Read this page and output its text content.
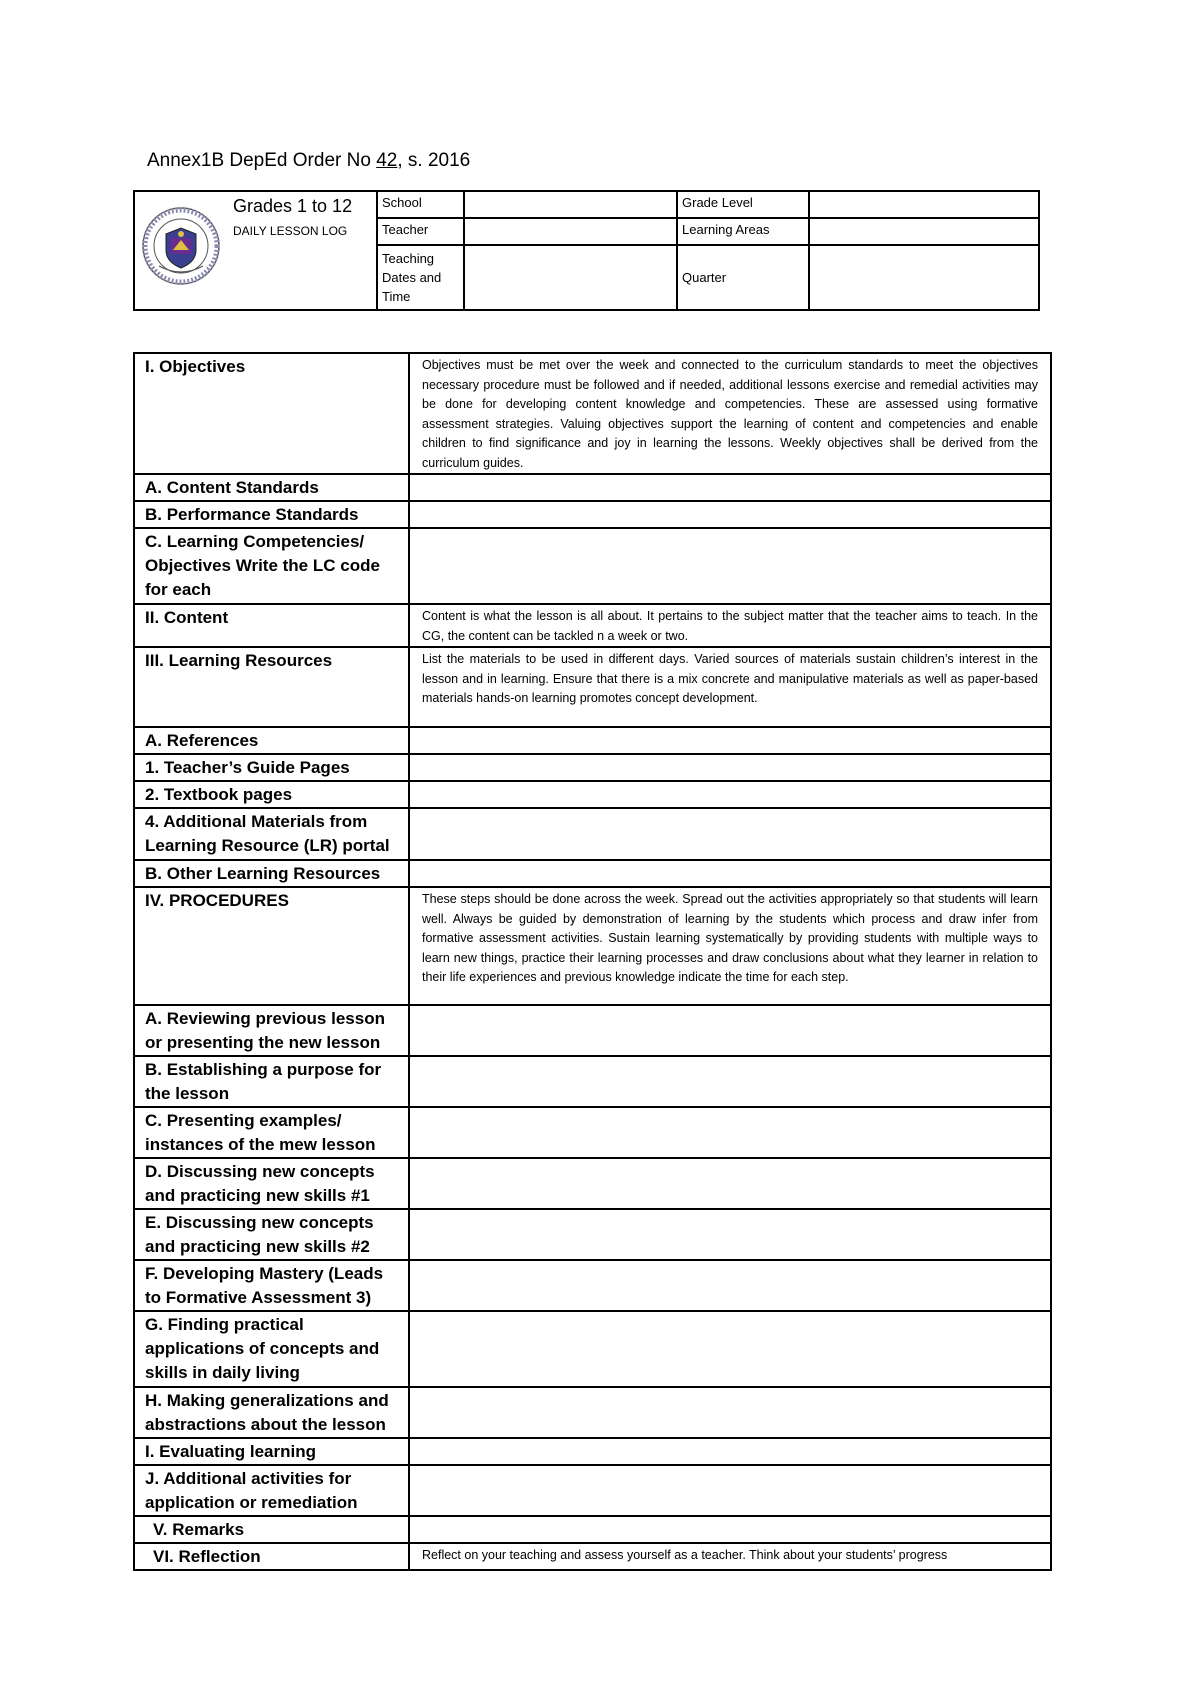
Annex1B DepEd Order No 42, s. 2016
Grades 1 to 12
DAILY LESSON LOG	School		Grade Level	
	Teacher		Learning Areas	
	Teaching Dates and Time		Quarter	
I. Objectives	Objectives must be met over the week and connected to the curriculum standards to meet the objectives necessary procedure must be followed and if needed, additional lessons exercise and remedial activities may be done for developing content knowledge and competencies. These are assessed using formative assessment strategies. Valuing objectives support the learning of content and competencies and enable children to find significance and joy in learning the lessons. Weekly objectives shall be derived from the curriculum guides.
A. Content Standards	
B. Performance Standards	
C. Learning Competencies/ Objectives Write the LC code for each	
II. Content	Content is what the lesson is all about. It pertains to the subject matter that the teacher aims to teach. In the CG, the content can be tackled n a week or two.
III. Learning Resources	List the materials to be used in different days. Varied sources of materials sustain children’s interest in the lesson and in learning. Ensure that there is a mix concrete and manipulative materials as well as paper-based materials hands-on learning promotes concept development.
A. References	
1. Teacher’s Guide Pages	
2. Textbook pages	
4. Additional Materials from Learning Resource (LR) portal	
B. Other Learning Resources	
IV. PROCEDURES	These steps should be done across the week. Spread out the activities appropriately so that students will learn well. Always be guided by demonstration of learning by the students which process and draw infer from formative assessment activities. Sustain learning systematically by providing students with multiple ways to learn new things, practice their learning processes and draw conclusions about what they learner in relation to their life experiences and previous knowledge indicate the time for each step.
A. Reviewing previous lesson or presenting the new lesson	
B. Establishing a purpose for the lesson	
C. Presenting examples/ instances of the mew lesson	
D. Discussing new concepts and practicing new skills #1	
E. Discussing new concepts and practicing new skills #2	
F. Developing Mastery (Leads to Formative Assessment 3)	
G. Finding practical applications of concepts and skills in daily living	
H. Making generalizations and abstractions about the lesson	
I. Evaluating learning	
J. Additional activities for application or remediation	
V. Remarks	
VI. Reflection	Reflect on your teaching and assess yourself as a teacher. Think about your students’ progress
